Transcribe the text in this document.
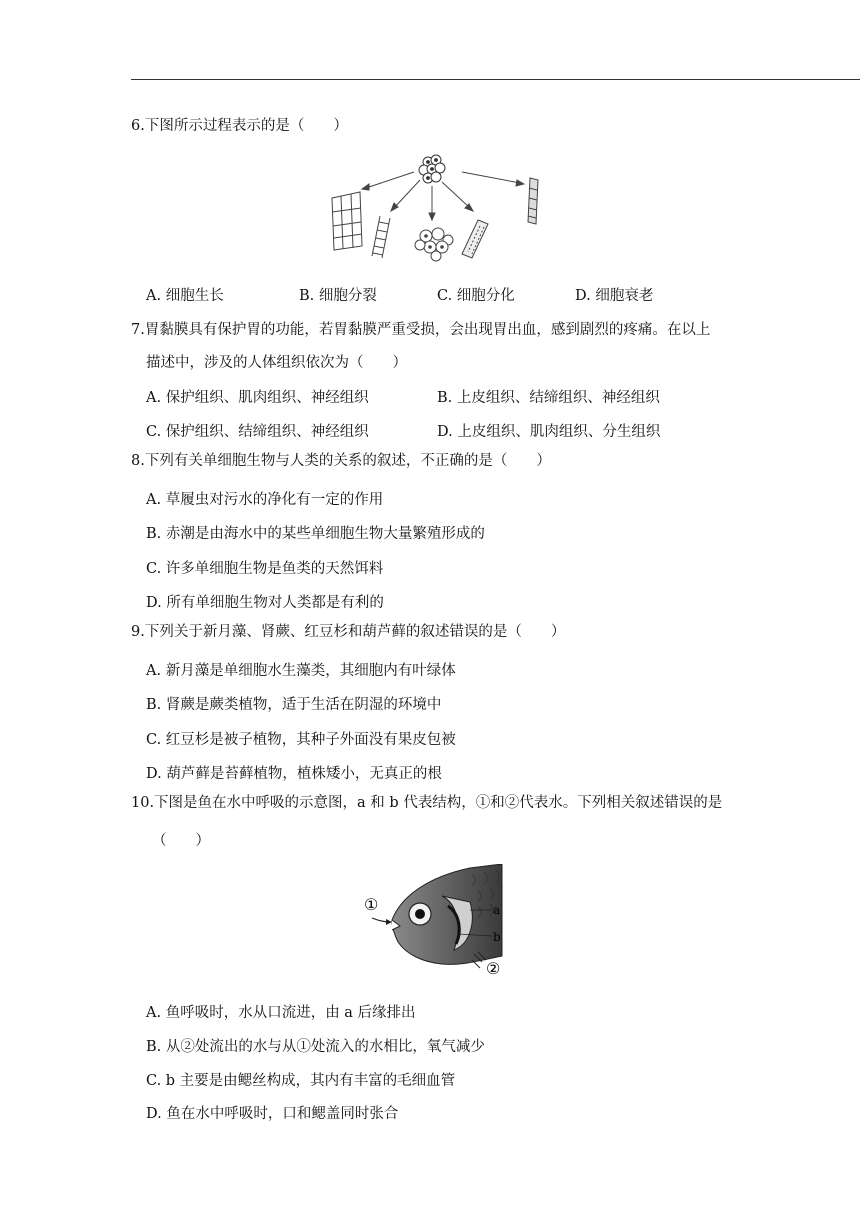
6.下图所示过程表示的是（　　）
A. 细胞生长	B. 细胞分裂	C. 细胞分化	D. 细胞衰老
7.胃黏膜具有保护胃的功能，若胃黏膜严重受损，会出现胃出血，感到剧烈的疼痛。在以上
描述中，涉及的人体组织依次为（　　）
A. 保护组织、肌肉组织、神经组织	B. 上皮组织、结缔组织、神经组织
C. 保护组织、结缔组织、神经组织	D. 上皮组织、肌肉组织、分生组织
8.下列有关单细胞生物与人类的关系的叙述，不正确的是（　　）
A. 草履虫对污水的净化有一定的作用
B. 赤潮是由海水中的某些单细胞生物大量繁殖形成的
C. 许多单细胞生物是鱼类的天然饵料
D. 所有单细胞生物对人类都是有利的
9.下列关于新月藻、肾蕨、红豆杉和葫芦藓的叙述错误的是（　　）
A. 新月藻是单细胞水生藻类，其细胞内有叶绿体
B. 肾蕨是蕨类植物，适于生活在阴湿的环境中
C. 红豆杉是被子植物，其种子外面没有果皮包被
D. 葫芦藓是苔藓植物，植株矮小，无真正的根
10.下图是鱼在水中呼吸的示意图，a 和 b 代表结构，①和②代表水。下列相关叙述错误的是
（　　）
①	a
b
②
A. 鱼呼吸时，水从口流进，由 a 后缘排出
B. 从②处流出的水与从①处流入的水相比，氧气减少
C. b 主要是由鳃丝构成，其内有丰富的毛细血管
D. 鱼在水中呼吸时，口和鳃盖同时张合
